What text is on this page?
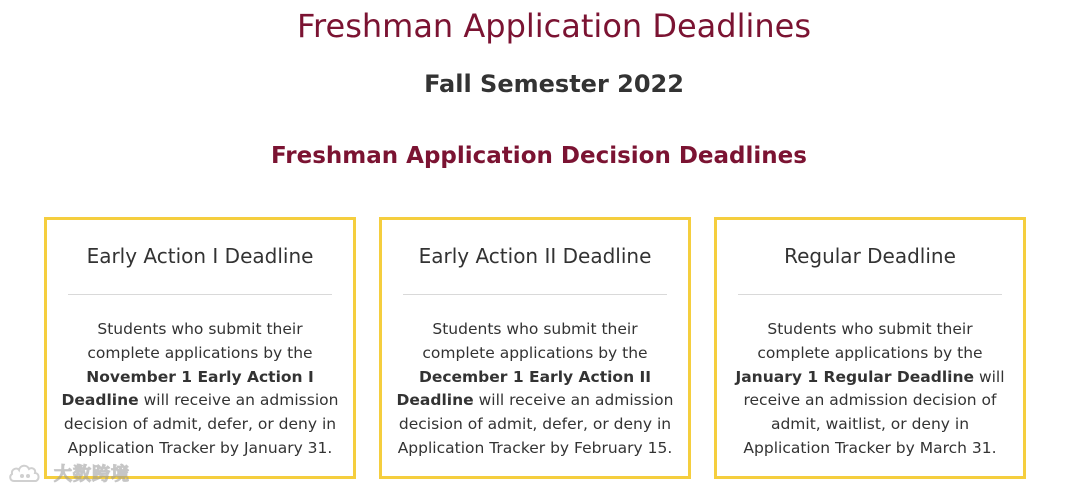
Freshman Application Deadlines
Fall Semester 2022
Freshman Application Decision Deadlines
Early Action I Deadline

Students who submit their complete applications by the November 1 Early Action I Deadline will receive an admission decision of admit, defer, or deny in Application Tracker by January 31.

Early Action II Deadline

Students who submit their complete applications by the December 1 Early Action II Deadline will receive an admission decision of admit, defer, or deny in Application Tracker by February 15.

Regular Deadline

Students who submit their complete applications by the January 1 Regular Deadline will receive an admission decision of admit, waitlist, or deny in Application Tracker by March 31.

大数跨境
